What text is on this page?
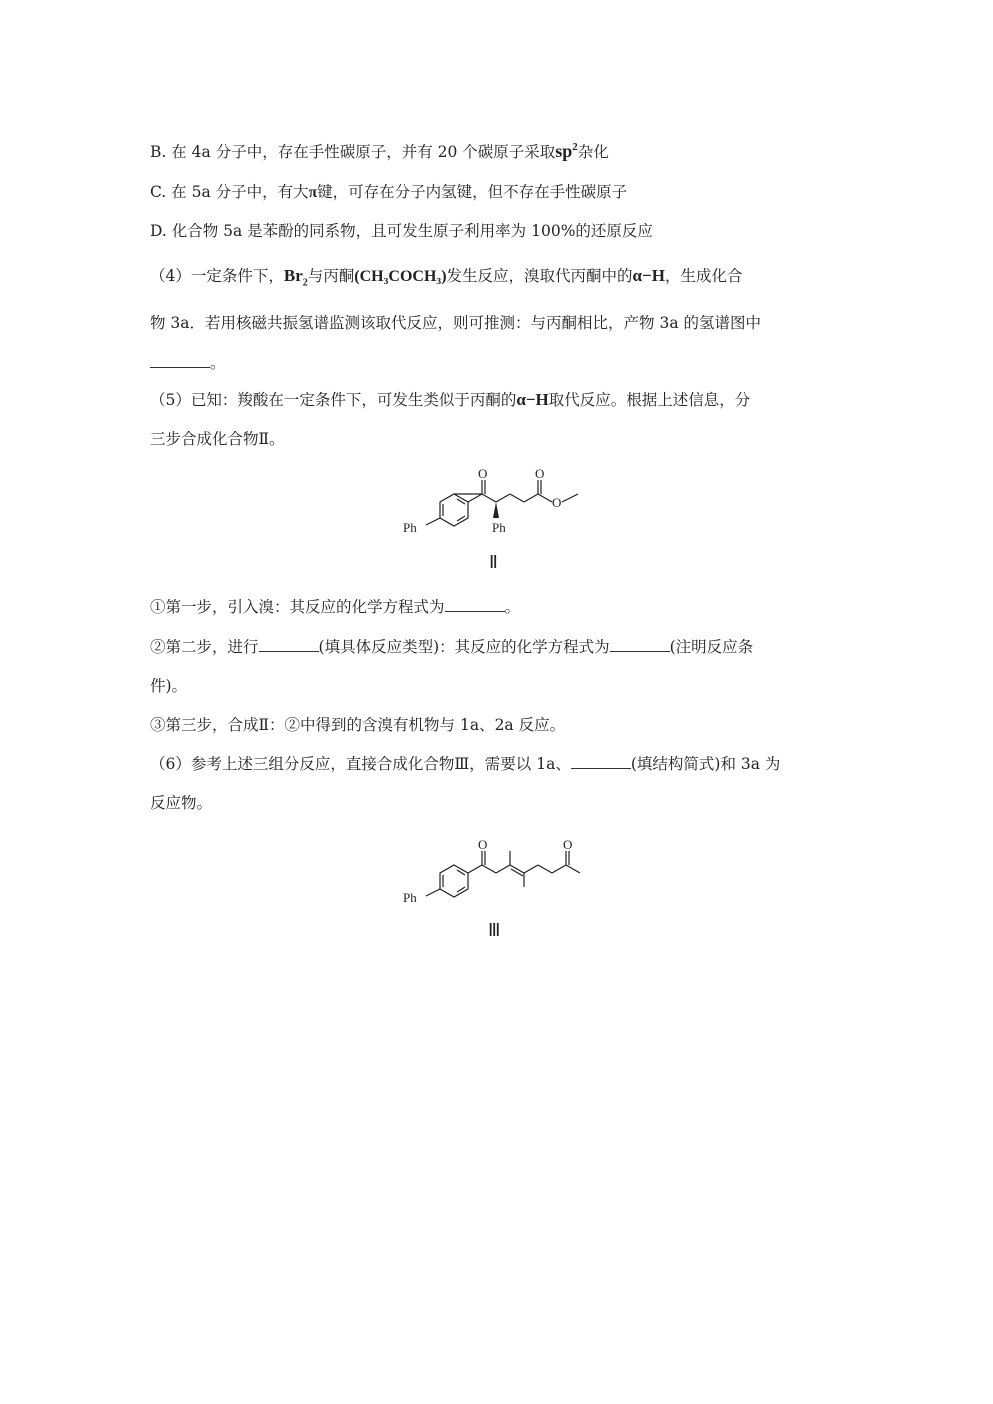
B. 在 4a 分子中，存在手性碳原子，并有 20 个碳原子采取$sp^2$杂化
C. 在 5a 分子中，有大π键，可存在分子内氢键，但不存在手性碳原子
D. 化合物 5a 是苯酚的同系物，且可发生原子利用率为 100%的还原反应
（4）一定条件下，$Br_2$与丙酮(CH₃COCH₃)发生反应，溴取代丙酮中的α−H，生成化合
物 3a．若用核磁共振氢谱监测该取代反应，则可推测：与丙酮相比，产物 3a 的氢谱图中
。
（5）已知：羧酸在一定条件下，可发生类似于丙酮的α−H取代反应。根据上述信息，分
三步合成化合物Ⅱ。
Ph	Ph
O	O
O
Ⅱ
①第一步，引入溴：其反应的化学方程式为	。
②第二步，进行	(填具体反应类型)：其反应的化学方程式为	(注明反应条
件)。
③第三步，合成Ⅱ：②中得到的含溴有机物与 1a、2a 反应。
（6）参考上述三组分反应，直接合成化合物Ⅲ，需要以 1a、	(填结构简式)和 3a 为
反应物。
Ph
O	O
Ⅲ
